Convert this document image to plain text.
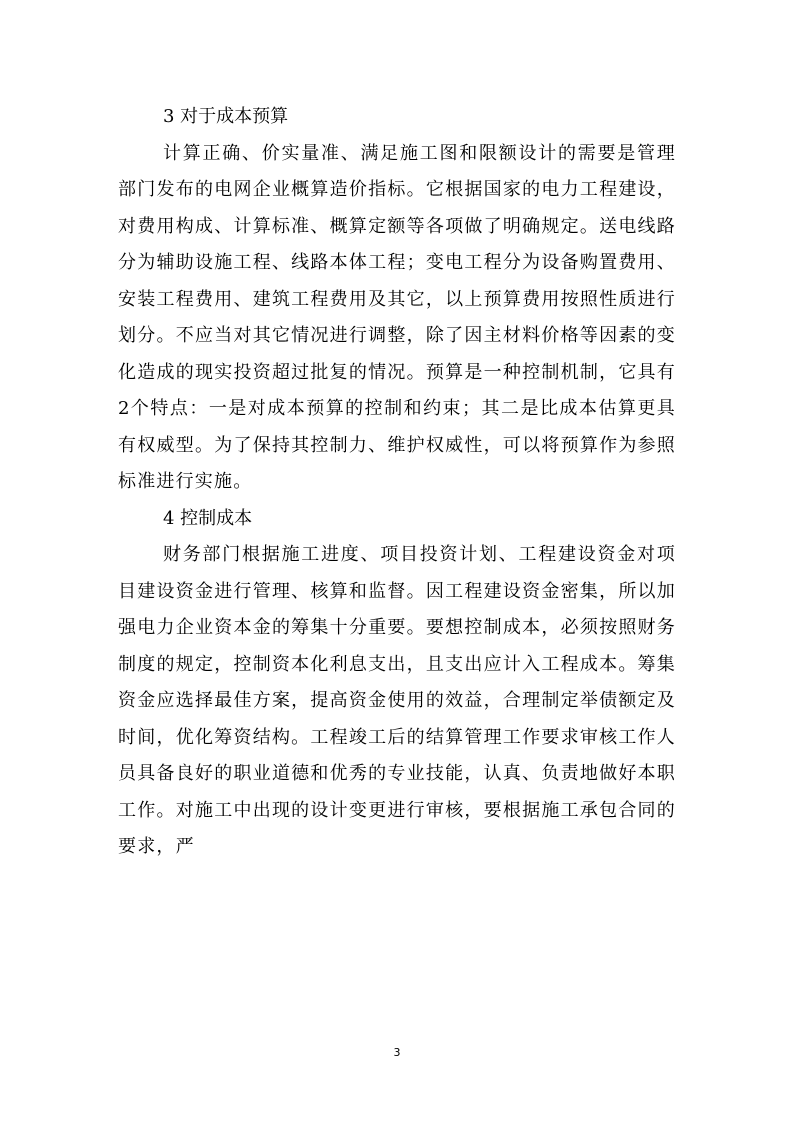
3 对于成本预算

计算正确、价实量准、满足施工图和限额设计的需要是管理部门发布的电网企业概算造价指标。它根据国家的电力工程建设，对费用构成、计算标准、概算定额等各项做了明确规定。送电线路分为辅助设施工程、线路本体工程；变电工程分为设备购置费用、安装工程费用、建筑工程费用及其它，以上预算费用按照性质进行划分。不应当对其它情况进行调整，除了因主材料价格等因素的变化造成的现实投资超过批复的情况。预算是一种控制机制，它具有2个特点：一是对成本预算的控制和约束；其二是比成本估算更具有权威型。为了保持其控制力、维护权威性，可以将预算作为参照标准进行实施。

4 控制成本

财务部门根据施工进度、项目投资计划、工程建设资金对项目建设资金进行管理、核算和监督。因工程建设资金密集，所以加强电力企业资本金的筹集十分重要。要想控制成本，必须按照财务制度的规定，控制资本化利息支出，且支出应计入工程成本。筹集资金应选择最佳方案，提高资金使用的效益，合理制定举债额定及时间，优化筹资结构。工程竣工后的结算管理工作要求审核工作人员具备良好的职业道德和优秀的专业技能，认真、负责地做好本职工作。对施工中出现的设计变更进行审核，要根据施工承包合同的要求，严

3
